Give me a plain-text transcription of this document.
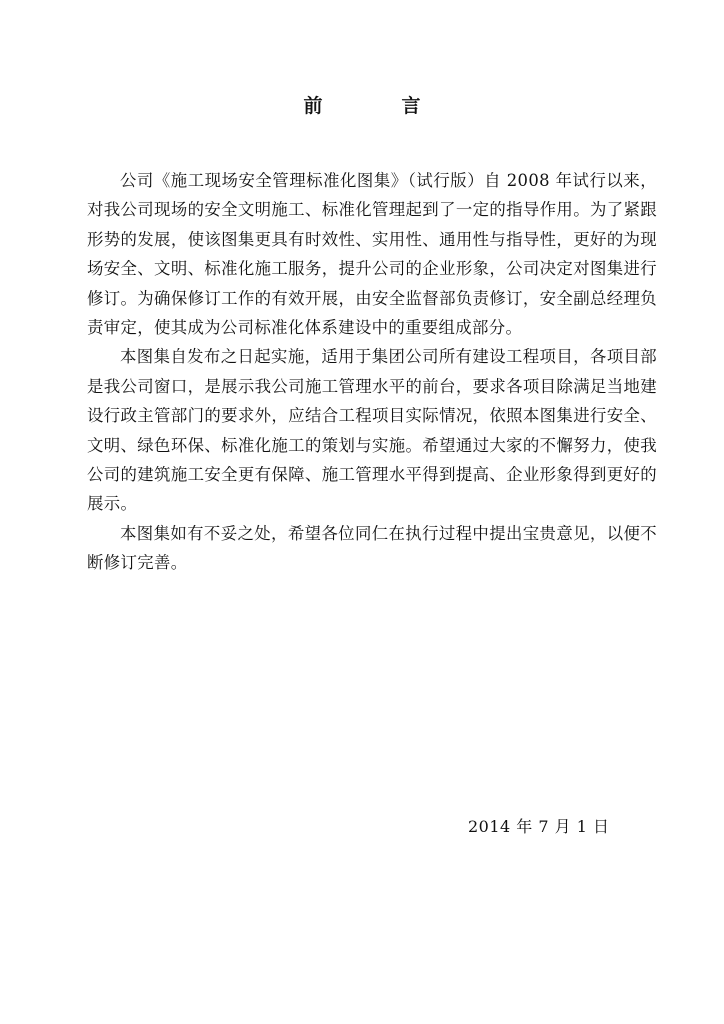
前　言

公司《施工现场安全管理标准化图集》（试行版）自 2008 年试行以来，对我公司现场的安全文明施工、标准化管理起到了一定的指导作用。为了紧跟形势的发展，使该图集更具有时效性、实用性、通用性与指导性，更好的为现场安全、文明、标准化施工服务，提升公司的企业形象，公司决定对图集进行修订。为确保修订工作的有效开展，由安全监督部负责修订，安全副总经理负责审定，使其成为公司标准化体系建设中的重要组成部分。

本图集自发布之日起实施，适用于集团公司所有建设工程项目，各项目部是我公司窗口，是展示我公司施工管理水平的前台，要求各项目除满足当地建设行政主管部门的要求外，应结合工程项目实际情况，依照本图集进行安全、文明、绿色环保、标准化施工的策划与实施。希望通过大家的不懈努力，使我公司的建筑施工安全更有保障、施工管理水平得到提高、企业形象得到更好的展示。

本图集如有不妥之处，希望各位同仁在执行过程中提出宝贵意见，以便不断修订完善。

2014 年 7 月 1 日
